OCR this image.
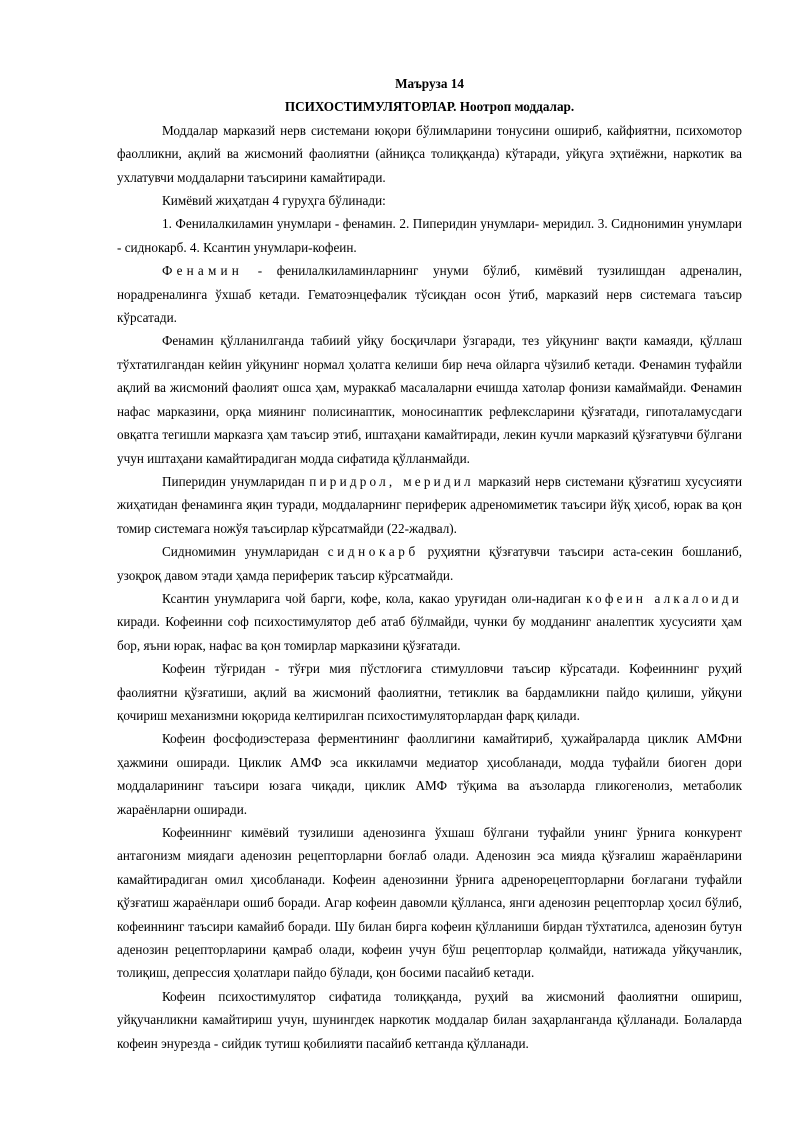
Маъруза 14

ПСИХОСТИМУЛЯТОРЛАР. Ноотроп моддалар.

Моддалар марказий нерв системани юқори бўлимларини тонусини ошириб, кайфиятни, психомотор фаолликни, ақлий ва жисмоний фаолиятни (айниқса толиққанда) кўтаради, уйқуга эҳтиёжни, наркотик ва ухлатувчи моддаларни таъсирини камайтиради.

Кимёвий жиҳатдан 4 гуруҳга бўлинади:

1. Фенилалкиламин унумлари - фенамин. 2. Пиперидин унумлари- меридил. 3. Сиднонимин унумлари - сиднокарб. 4. Ксантин унумлари-кофеин.

Фенамин - фенилалкиламинларнинг унуми бўлиб, кимёвий тузилишдан адреналин, норадреналинга ўхшаб кетади. Гематоэнцефалик тўсиқдан осон ўтиб, марказий нерв системага таъсир кўрсатади.

Фенамин қўлланилганда табиий уйқу босқичлари ўзгаради, тез уйқунинг вақти камаяди, қўллаш тўхтатилгандан кейин уйқунинг нормал ҳолатга келиши бир неча ойларга чўзилиб кетади. Фенамин туфайли ақлий ва жисмоний фаолият ошса ҳам, мураккаб масалаларни ечишда хатолар фонизи камаймайди. Фенамин нафас марказини, орқа миянинг полисинаптик, моносинаптик рефлексларини қўзғатади, гипоталамусдаги овқатга тегишли марказга ҳам таъсир этиб, иштаҳани камайтиради, лекин кучли марказий қўзғатувчи бўлгани учун иштаҳани камайтирадиган модда сифатида қўлланмайди.

Пиперидин унумларидан пиридрол, меридил марказий нерв системани қўзғатиш хусусияти жиҳатидан фенаминга яқин туради, моддаларнинг периферик адреномиметик таъсири йўқ ҳисоб, юрак ва қон томир системага ножўя таъсирлар кўрсатмайди (22-жадвал).

Сидномимин унумларидан сиднокарб руҳиятни қўзғатувчи таъсири аста-секин бошланиб, узоқроқ давом этади ҳамда периферик таъсир кўрсатмайди.

Ксантин унумларига чой барги, кофе, кола, какао уруғидан оли-надиган кофеин алкалоиди киради. Кофеинни соф психостимулятор деб атаб бўлмайди, чунки бу модданинг аналептик хусусияти ҳам бор, яъни юрак, нафас ва қон томирлар марказини қўзғатади.

Кофеин тўғридан - тўғри мия пўстлоғига стимулловчи таъсир кўрсатади. Кофеиннинг руҳий фаолиятни қўзғатиши, ақлий ва жисмоний фаолиятни, тетиклик ва бардамликни пайдо қилиши, уйқуни қочириш механизмни юқорида келтирилган психостимуляторлардан фарқ қилади.

Кофеин фосфодиэстераза ферментининг фаоллигини камайтириб, ҳужайраларда циклик АМФни ҳажмини оширади. Циклик АМФ эса иккиламчи медиатор ҳисобланади, модда туфайли биоген дори моддаларининг таъсири юзага чиқади, циклик АМФ тўқима ва аъзоларда гликогенолиз, метаболик жараёнларни оширади.

Кофеиннинг кимёвий тузилиши аденозинга ўхшаш бўлгани туфайли унинг ўрнига конкурент антагонизм миядаги аденозин рецепторларни боғлаб олади. Аденозин эса мияда қўзғалиш жараёнларини камайтирадиган омил ҳисобланади. Кофеин аденозинни ўрнига адренорецепторларни боғлагани туфайли қўзғатиш жараёнлари ошиб боради. Агар кофеин давомли қўлланса, янги аденозин рецепторлар ҳосил бўлиб, кофеиннинг таъсири камайиб боради. Шу билан бирга кофеин қўлланиши бирдан тўхтатилса, аденозин бутун аденозин рецепторларини қамраб олади, кофеин учун бўш рецепторлар қолмайди, натижада уйқучанлик, толиқиш, депрессия ҳолатлари пайдо бўлади, қон босими пасайиб кетади.

Кофеин психостимулятор сифатида толиққанда, руҳий ва жисмоний фаолиятни ошириш, уйқучанликни камайтириш учун, шунингдек наркотик моддалар билан заҳарланганда қўлланади. Болаларда кофеин энурезда - сийдик тутиш қобилияти пасайиб кетганда қўлланади.
